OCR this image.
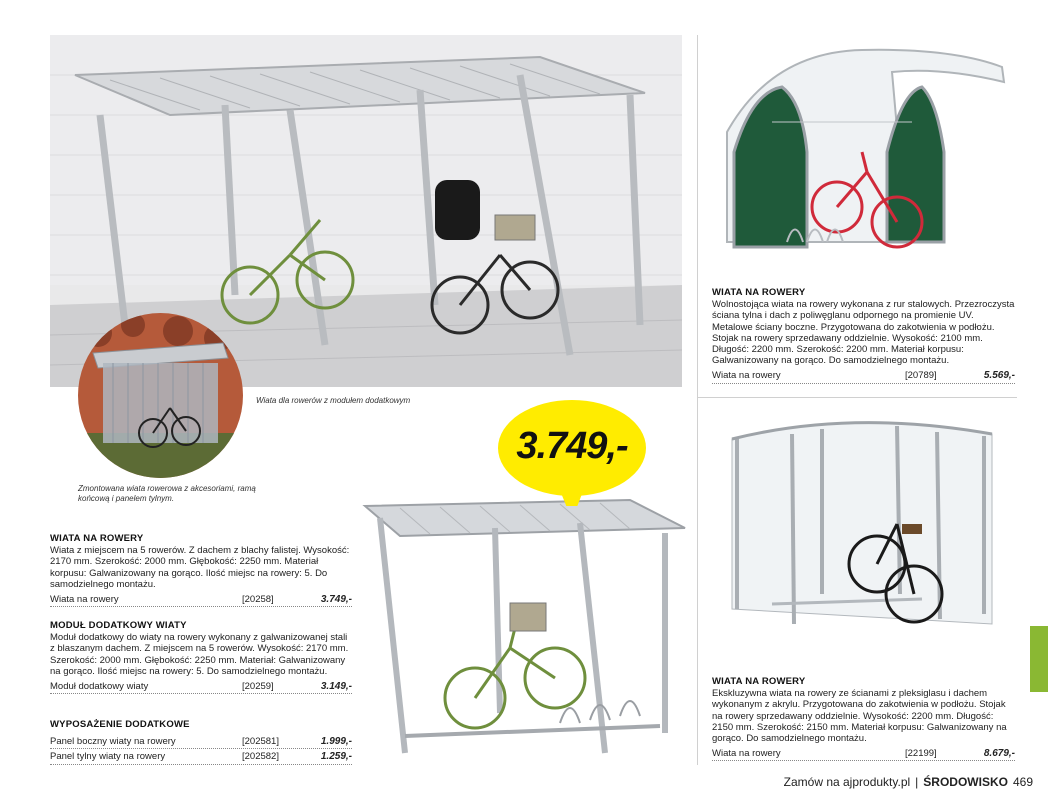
Wiata dla rowerów z modułem dodatkowym
Zmontowana wiata rowerowa z akcesoriami, ramą końcową i panelem tylnym.
3.749,-
WIATA NA ROWERY

Wiata z miejscem na 5 rowerów. Z dachem z blachy falistej. Wysokość: 2170 mm. Szerokość: 2000 mm. Głębokość: 2250 mm. Materiał korpusu: Galwanizowany na gorąco. Ilość miejsc na rowery: 5. Do samodzielnego montażu.

Wiata na rowery	[20258]	3.749,-
MODUŁ DODATKOWY WIATY

Moduł dodatkowy do wiaty na rowery wykonany z galwanizowanej stali z blaszanym dachem. Z miejscem na 5 rowerów. Wysokość: 2170 mm. Szerokość: 2000 mm. Głębokość: 2250 mm. Materiał: Galwanizowany na gorąco. Ilość miejsc na rowery: 5. Do samodzielnego montażu.

Moduł dodatkowy wiaty	[20259]	3.149,-
WYPOSAŻENIE DODATKOWE
Panel boczny wiaty na rowery	[202581]	1.999,-
Panel tylny wiaty na rowery	[202582]	1.259,-
WIATA NA ROWERY

Wolnostojąca wiata na rowery wykonana z rur stalowych. Przezroczysta ściana tylna i dach z poliwęglanu odpornego na promienie UV. Metalowe ściany boczne. Przygotowana do zakotwienia w podłożu. Stojak na rowery sprzedawany oddzielnie. Wysokość: 2100 mm. Długość: 2200 mm. Szerokość: 2200 mm. Materiał korpusu: Galwanizowany na gorąco. Do samodzielnego montażu.

Wiata na rowery	[20789]	5.569,-
WIATA NA ROWERY

Ekskluzywna wiata na rowery ze ścianami z pleksiglasu i dachem wykonanym z akrylu. Przygotowana do zakotwienia w podłożu. Stojak na rowery sprzedawany oddzielnie. Wysokość: 2200 mm. Długość: 2150 mm. Szerokość: 2150 mm. Materiał korpusu: Galwanizowany na gorąco. Do samodzielnego montażu.

Wiata na rowery	[22199]	8.679,-
Zamów na ajprodukty.pl | ŚRODOWISKO 469
